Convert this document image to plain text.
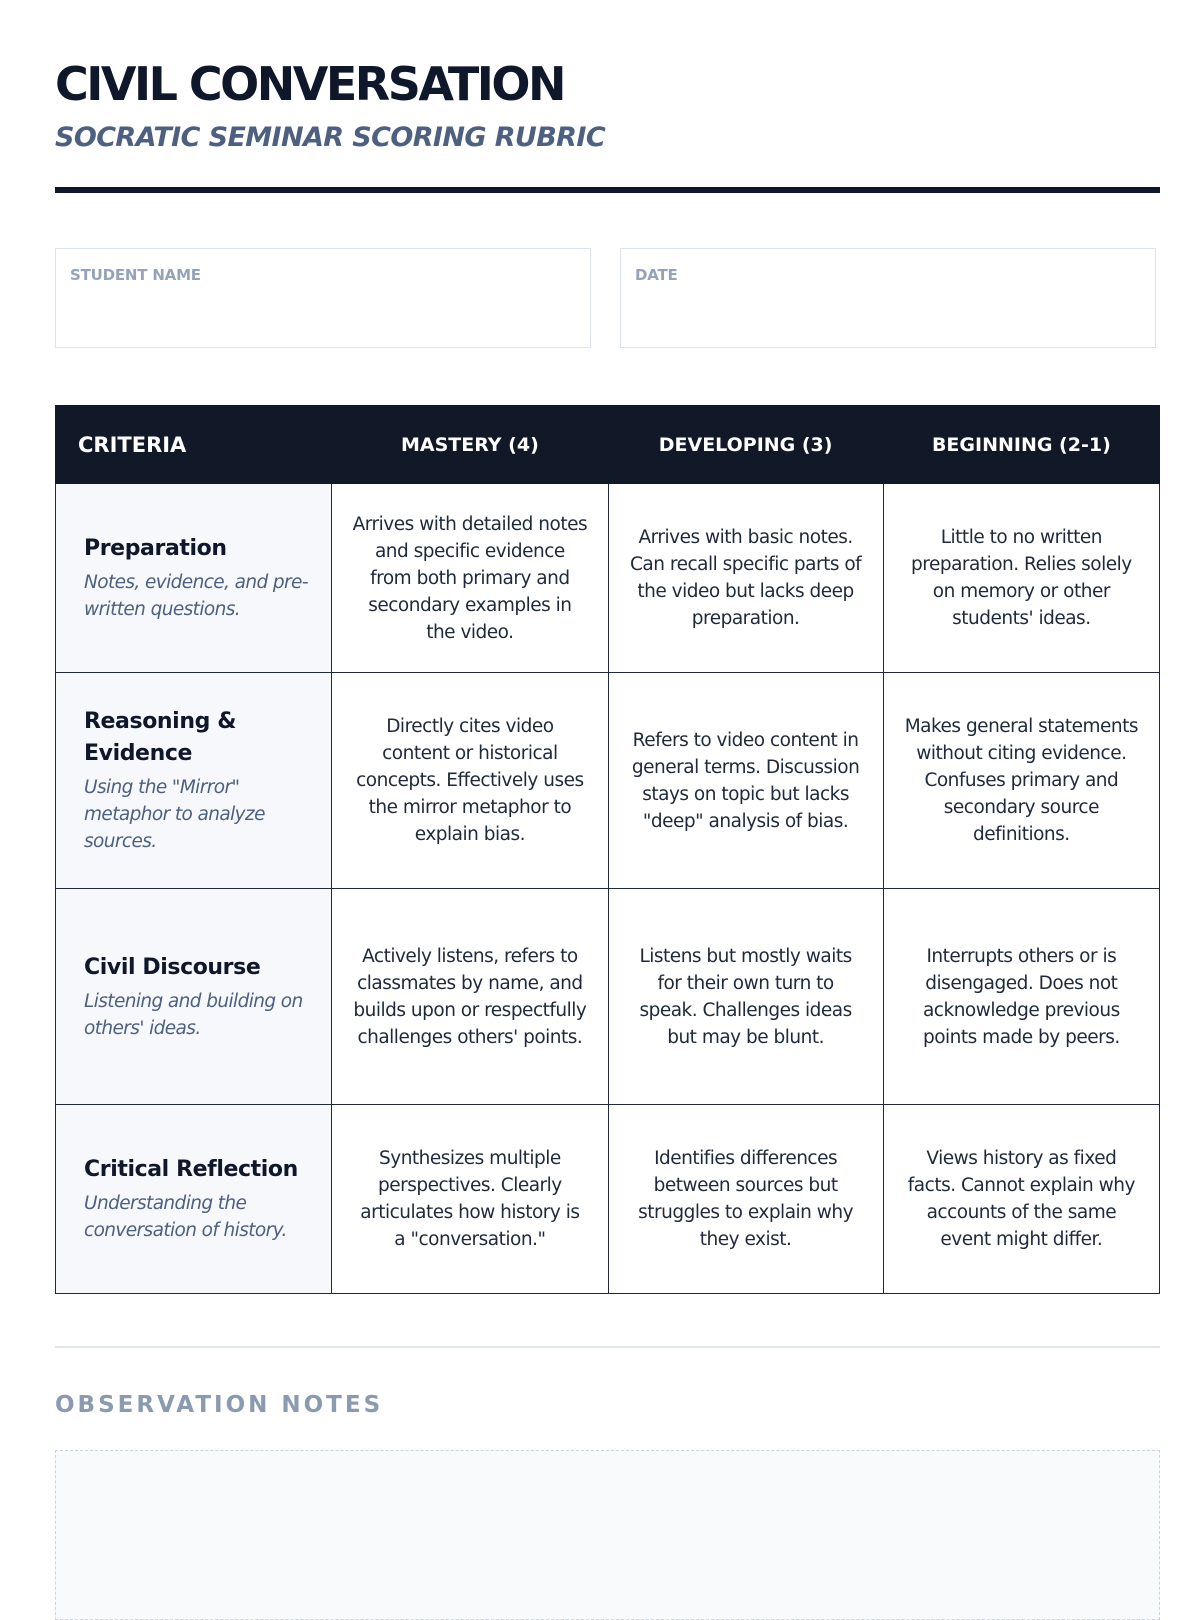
CIVIL CONVERSATION
SOCRATIC SEMINAR SCORING RUBRIC
STUDENT NAME	DATE
CRITERIA	MASTERY (4)	DEVELOPING (3)	BEGINNING (2-1)

Preparation
Notes, evidence, and pre-written questions.	Arrives with detailed notes and specific evidence from both primary and secondary examples in the video.	Arrives with basic notes. Can recall specific parts of the video but lacks deep preparation.	Little to no written preparation. Relies solely on memory or other students' ideas.

Reasoning & Evidence
Using the "Mirror" metaphor to analyze sources.	Directly cites video content or historical concepts. Effectively uses the mirror metaphor to explain bias.	Refers to video content in general terms. Discussion stays on topic but lacks "deep" analysis of bias.	Makes general statements without citing evidence. Confuses primary and secondary source definitions.

Civil Discourse
Listening and building on others' ideas.	Actively listens, refers to classmates by name, and builds upon or respectfully challenges others' points.	Listens but mostly waits for their own turn to speak. Challenges ideas but may be blunt.	Interrupts others or is disengaged. Does not acknowledge previous points made by peers.

Critical Reflection
Understanding the conversation of history.	Synthesizes multiple perspectives. Clearly articulates how history is a "conversation."	Identifies differences between sources but struggles to explain why they exist.	Views history as fixed facts. Cannot explain why accounts of the same event might differ.
OBSERVATION NOTES
